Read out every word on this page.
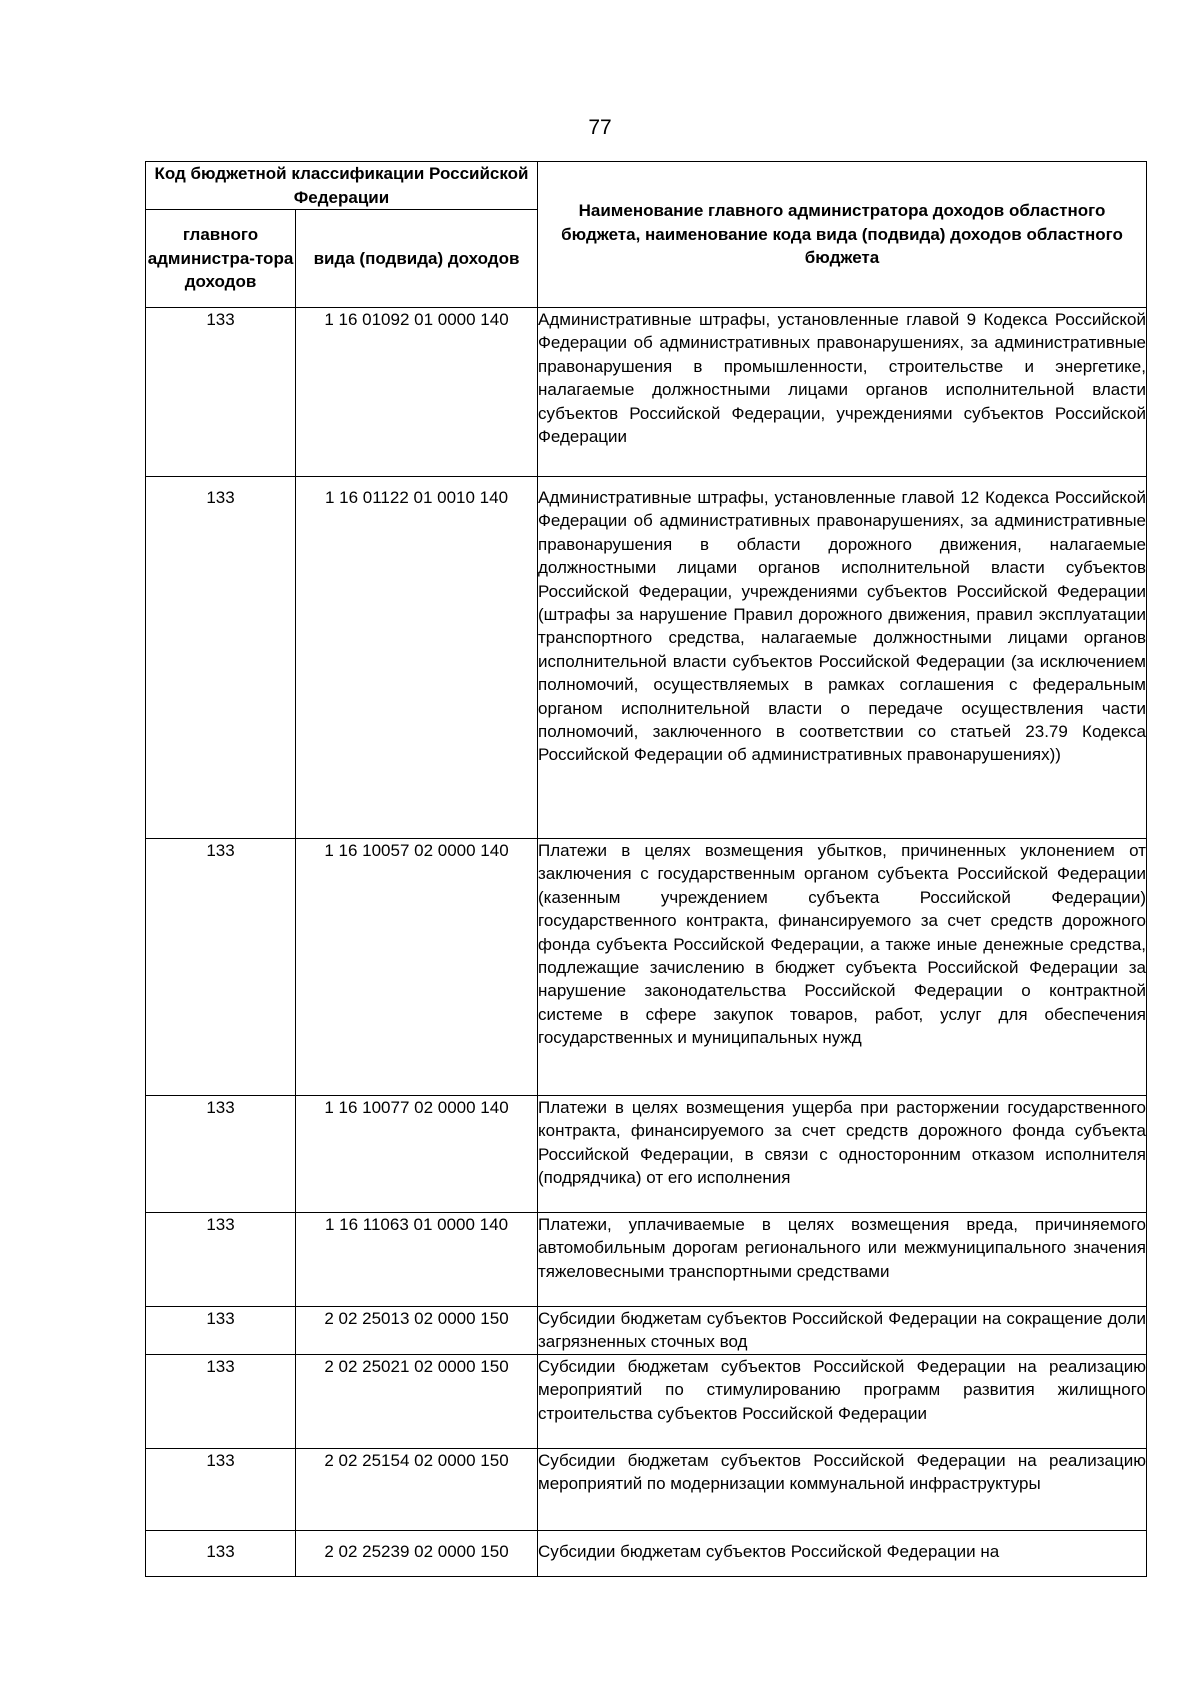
77
Код бюджетной классификации Российской Федерации		Наименование главного администратора доходов областного бюджета, наименование кода вида (подвида) доходов областного бюджета
главного администра-тора доходов	вида (подвида) доходов	
133	1 16 01092 01 0000 140	Административные штрафы, установленные главой 9 Кодекса Российской Федерации об административных правонарушениях, за административные правонарушения в промышленности, строительстве и энергетике, налагаемые должностными лицами органов исполнительной власти субъектов Российской Федерации, учреждениями субъектов Российской Федерации
133	1 16 01122 01 0010 140	Административные штрафы, установленные главой 12 Кодекса Российской Федерации об административных правонарушениях, за административные правонарушения в области дорожного движения, налагаемые должностными лицами органов исполнительной власти субъектов Российской Федерации, учреждениями субъектов Российской Федерации (штрафы за нарушение Правил дорожного движения, правил эксплуатации транспортного средства, налагаемые должностными лицами органов исполнительной власти субъектов Российской Федерации (за исключением полномочий, осуществляемых в рамках соглашения с федеральным органом исполнительной власти о передаче осуществления части полномочий, заключенного в соответствии со статьей 23.79 Кодекса Российской Федерации об административных правонарушениях))
133	1 16 10057 02 0000 140	Платежи в целях возмещения убытков, причиненных уклонением от заключения с государственным органом субъекта Российской Федерации (казенным учреждением субъекта Российской Федерации) государственного контракта, финансируемого за счет средств дорожного фонда субъекта Российской Федерации, а также иные денежные средства, подлежащие зачислению в бюджет субъекта Российской Федерации за нарушение законодательства Российской Федерации о контрактной системе в сфере закупок товаров, работ, услуг для обеспечения государственных и муниципальных нужд
133	1 16 10077 02 0000 140	Платежи в целях возмещения ущерба при расторжении государственного контракта, финансируемого за счет средств дорожного фонда субъекта Российской Федерации, в связи с односторонним отказом исполнителя (подрядчика) от его исполнения
133	1 16 11063 01 0000 140	Платежи, уплачиваемые в целях возмещения вреда, причиняемого автомобильным дорогам регионального или межмуниципального значения тяжеловесными транспортными средствами
133	2 02 25013 02 0000 150	Субсидии бюджетам субъектов Российской Федерации на сокращение доли загрязненных сточных вод
133	2 02 25021 02 0000 150	Субсидии бюджетам субъектов Российской Федерации на реализацию мероприятий по стимулированию программ развития жилищного строительства субъектов Российской Федерации
133	2 02 25154 02 0000 150	Субсидии бюджетам субъектов Российской Федерации на реализацию мероприятий по модернизации коммунальной инфраструктуры
133	2 02 25239 02 0000 150	Субсидии бюджетам субъектов Российской Федерации на
